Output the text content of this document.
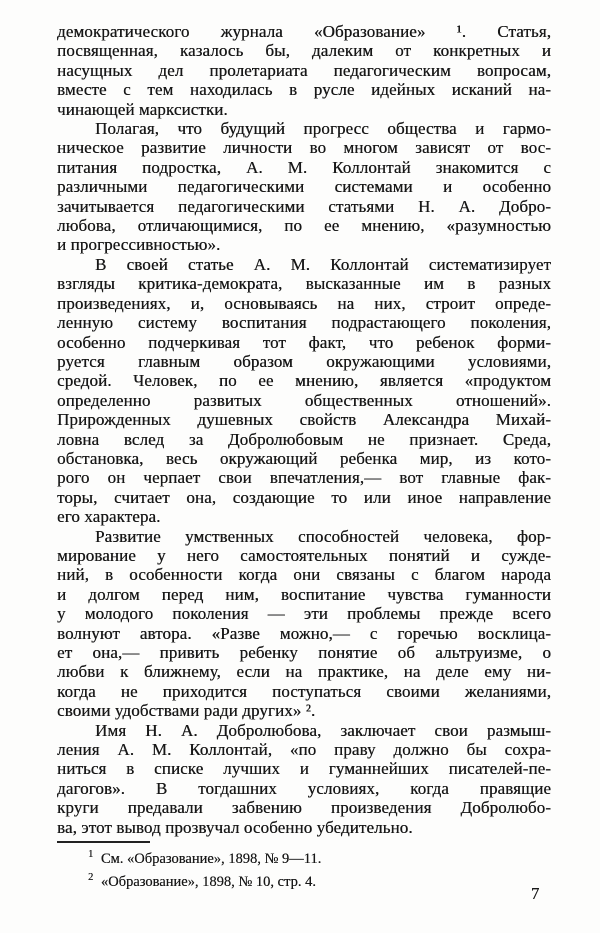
демократического журнала «Образование» ¹. Статья,
посвященная, казалось бы, далеким от конкретных и
насущных дел пролетариата педагогическим вопросам,
вместе с тем находилась в русле идейных исканий на-
чинающей марксистки.
Полагая, что будущий прогресс общества и гармо-
ническое развитие личности во многом зависят от вос-
питания подростка, А. М. Коллонтай знакомится с
различными педагогическими системами и особенно
зачитывается педагогическими статьями Н. А. Добро-
любова, отличающимися, по ее мнению, «разумностью
и прогрессивностью».
В своей статье А. М. Коллонтай систематизирует
взгляды критика-демократа, высказанные им в разных
произведениях, и, основываясь на них, строит опреде-
ленную систему воспитания подрастающего поколения,
особенно подчеркивая тот факт, что ребенок форми-
руется главным образом окружающими условиями,
средой. Человек, по ее мнению, является «продуктом
определенно развитых общественных отношений».
Прирожденных душевных свойств Александра Михай-
ловна вслед за Добролюбовым не признает. Среда,
обстановка, весь окружающий ребенка мир, из кото-
рого он черпает свои впечатления,— вот главные фак-
торы, считает она, создающие то или иное направление
его характера.
Развитие умственных способностей человека, фор-
мирование у него самостоятельных понятий и сужде-
ний, в особенности когда они связаны с благом народа
и долгом перед ним, воспитание чувства гуманности
у молодого поколения — эти проблемы прежде всего
волнуют автора. «Разве можно,— с горечью восклица-
ет она,— привить ребенку понятие об альтруизме, о
любви к ближнему, если на практике, на деле ему ни-
когда не приходится поступаться своими желаниями,
своими удобствами ради других» ².
Имя Н. А. Добролюбова, заключает свои размыш-
ления А. М. Коллонтай, «по праву должно бы сохра-
ниться в списке лучших и гуманнейших писателей-пе-
дагогов». В тогдашних условиях, когда правящие
круги предавали забвению произведения Добролюбо-
ва, этот вывод прозвучал особенно убедительно.
1 См. «Образование», 1898, № 9—11.
2 «Образование», 1898, № 10, стр. 4.
7
